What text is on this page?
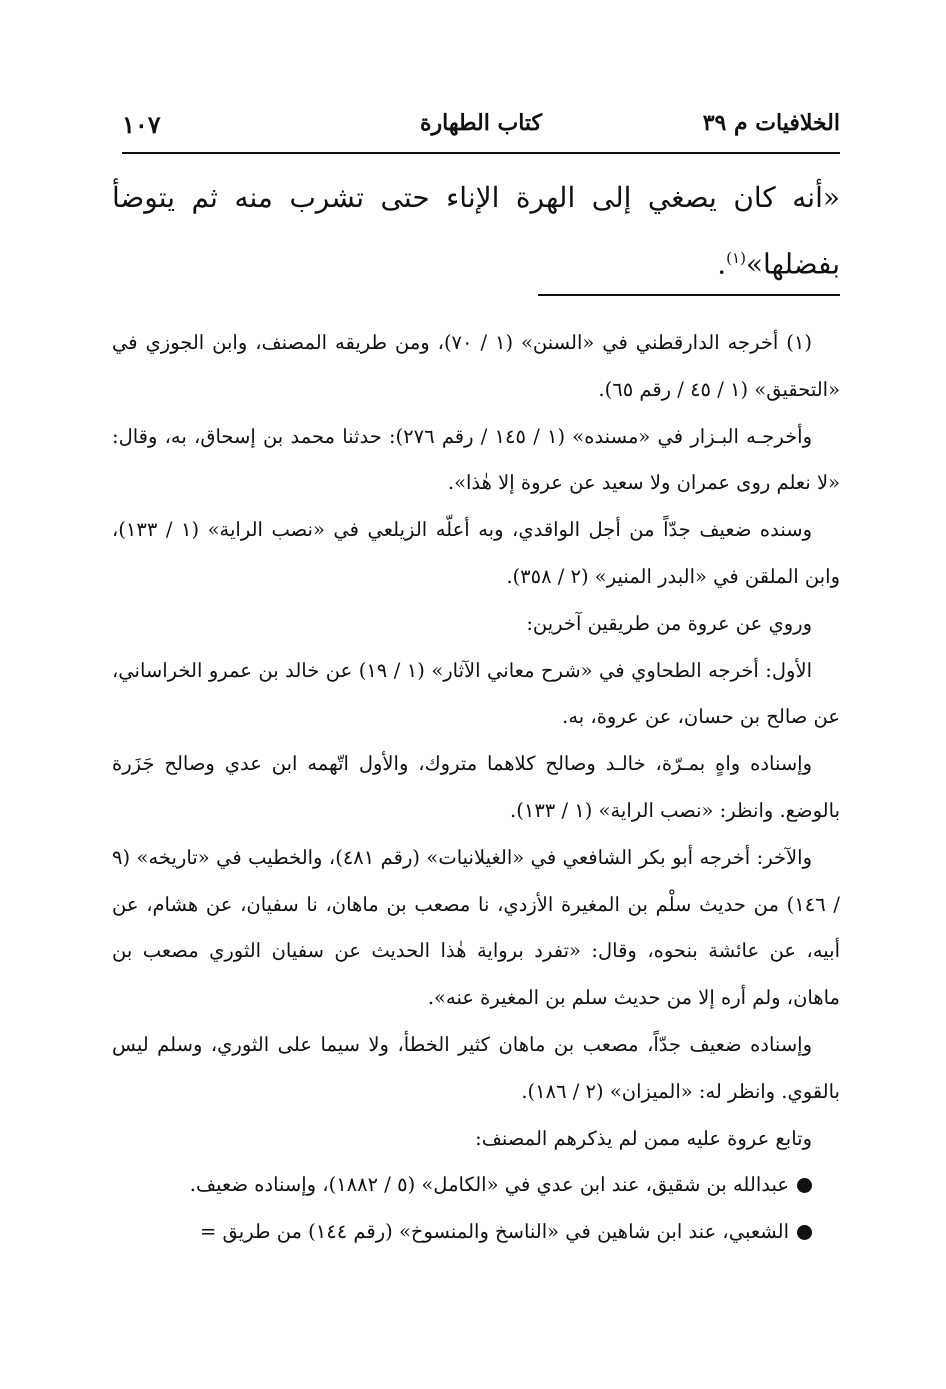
الخلافيات م ٣٩
كتاب الطهارة
١٠٧

«أنه كان يصغي إلى الهرة الإناء حتى تشرب منه ثم يتوضأ بفضلها»$^{(١)}$.

(١) أخرجه الدارقطني في «السنن» (١ / ٧٠)، ومن طريقه المصنف، وابن الجوزي في «التحقيق» (١ / ٤٥ / رقم ٦٥).

وأخرجـه البـزار في «مسنده» (١ / ١٤٥ / رقم ٢٧٦): حدثنا محمد بن إسحاق، به، وقال: «لا نعلم روى عمران ولا سعيد عن عروة إلا هٰذا».

وسنده ضعيف جدّاً من أجل الواقدي، وبه أعلّه الزيلعي في «نصب الراية» (١ / ١٣٣)، وابن الملقن في «البدر المنير» (٢ / ٣٥٨).

وروي عن عروة من طريقين آخرين:

الأول: أخرجه الطحاوي في «شرح معاني الآثار» (١ / ١٩) عن خالد بن عمرو الخراساني، عن صالح بن حسان، عن عروة، به.

وإسناده واهٍ بمـرّة، خالـد وصالح كلاهما متروك، والأول اتّهمه ابن عدي وصالح جَزَرة بالوضع. وانظر: «نصب الراية» (١ / ١٣٣).

والآخر: أخرجه أبو بكر الشافعي في «الغيلانيات» (رقم ٤٨١)، والخطيب في «تاريخه» (٩ / ١٤٦) من حديث سلْم بن المغيرة الأزدي، نا مصعب بن ماهان، نا سفيان، عن هشام، عن أبيه، عن عائشة بنحوه، وقال: «تفرد برواية هٰذا الحديث عن سفيان الثوري مصعب بن ماهان، ولم أره إلا من حديث سلم بن المغيرة عنه».

وإسناده ضعيف جدّاً، مصعب بن ماهان كثير الخطأ، ولا سيما على الثوري، وسلم ليس بالقوي. وانظر له: «الميزان» (٢ / ١٨٦).

وتابع عروة عليه ممن لم يذكرهم المصنف:

عبدالله بن شقيق، عند ابن عدي في «الكامل» (٥ / ١٨٨٢)، وإسناده ضعيف.

الشعبي، عند ابن شاهين في «الناسخ والمنسوخ» (رقم ١٤٤) من طريق =
